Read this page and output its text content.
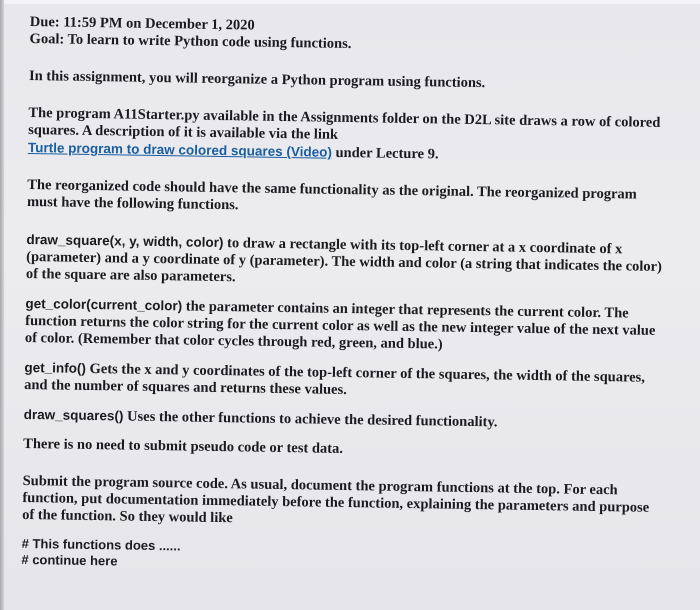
Due: 11:59 PM on December 1, 2020

Goal: To learn to write Python code using functions.

In this assignment, you will reorganize a Python program using functions.

The program A11Starter.py available in the Assignments folder on the D2L site draws a row of colored squares. A description of it is available via the link
Turtle program to draw colored squares (Video) under Lecture 9.

The reorganized code should have the same functionality as the original. The reorganized program must have the following functions.

draw_square(x, y, width, color) to draw a rectangle with its top-left corner at a x coordinate of x (parameter) and a y coordinate of y (parameter). The width and color (a string that indicates the color) of the square are also parameters.

get_color(current_color) the parameter contains an integer that represents the current color. The function returns the color string for the current color as well as the new integer value of the next value of color. (Remember that color cycles through red, green, and blue.)

get_info() Gets the x and y coordinates of the top-left corner of the squares, the width of the squares, and the number of squares and returns these values.

draw_squares() Uses the other functions to achieve the desired functionality.

There is no need to submit pseudo code or test data.

Submit the program source code. As usual, document the program functions at the top. For each function, put documentation immediately before the function, explaining the parameters and purpose of the function. So they would like

# This functions does ......

# continue here
